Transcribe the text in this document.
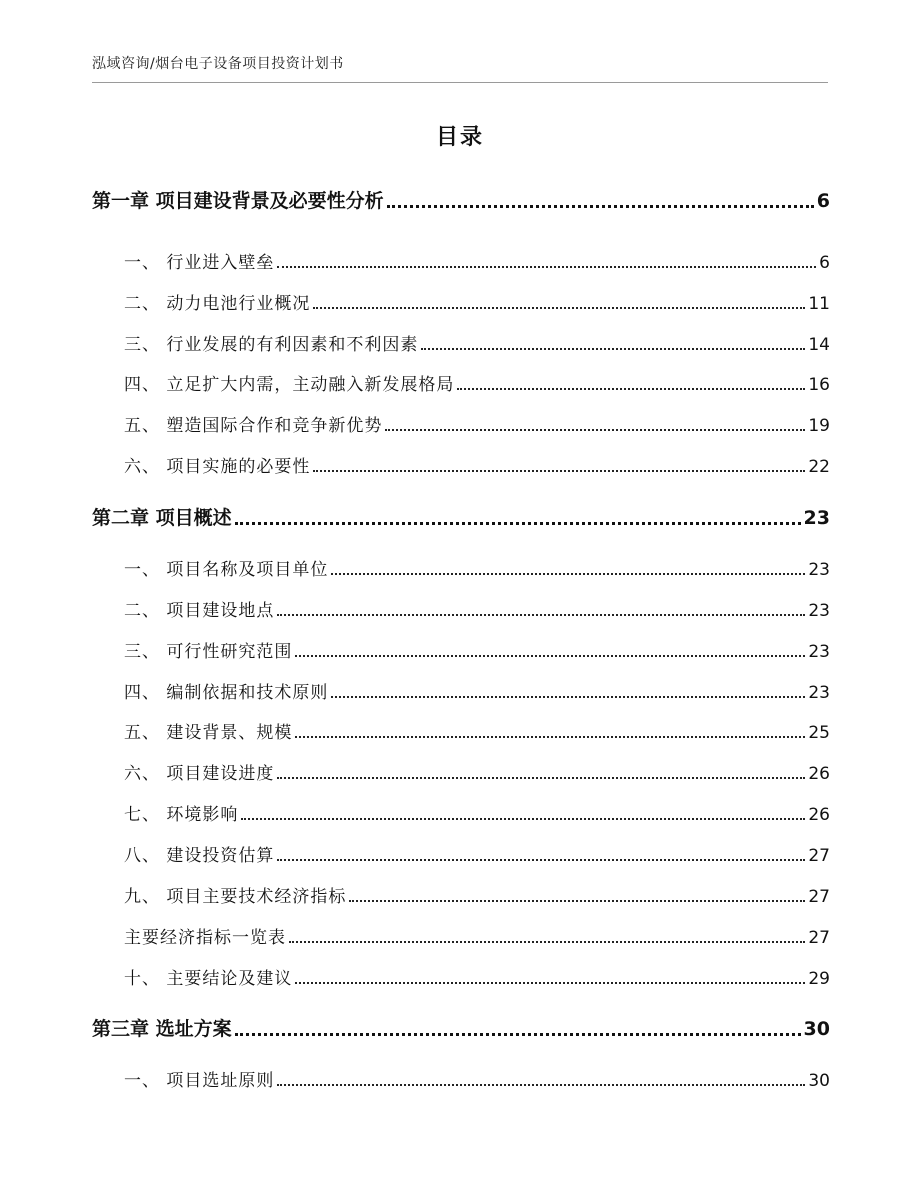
泓域咨询/烟台电子设备项目投资计划书
目录
第一章 项目建设背景及必要性分析	6
一、 行业进入壁垒	6
二、 动力电池行业概况	11
三、 行业发展的有利因素和不利因素	14
四、 立足扩大内需，主动融入新发展格局	16
五、 塑造国际合作和竞争新优势	19
六、 项目实施的必要性	22
第二章 项目概述	23
一、 项目名称及项目单位	23
二、 项目建设地点	23
三、 可行性研究范围	23
四、 编制依据和技术原则	23
五、 建设背景、规模	25
六、 项目建设进度	26
七、 环境影响	26
八、 建设投资估算	27
九、 项目主要技术经济指标	27
主要经济指标一览表	27
十、 主要结论及建议	29
第三章 选址方案	30
一、 项目选址原则	30
